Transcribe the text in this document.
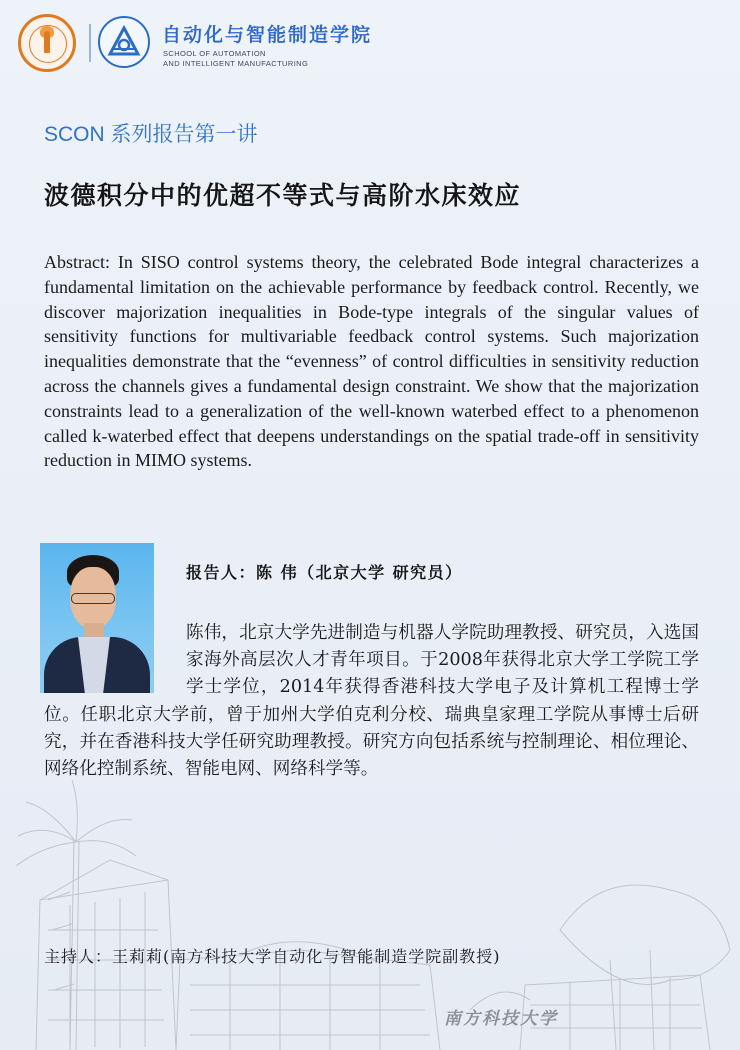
自动化与智能制造学院
SCHOOL OF AUTOMATION
AND INTELLIGENT MANUFACTURING
SCON 系列报告第一讲
波德积分中的优超不等式与高阶水床效应
Abstract: In SISO control systems theory, the celebrated Bode integral characterizes a fundamental limitation on the achievable performance by feedback control. Recently, we discover majorization inequalities in Bode-type integrals of the singular values of sensitivity functions for multivariable feedback control systems. Such majorization inequalities demonstrate that the “evenness” of control difficulties in sensitivity reduction across the channels gives a fundamental design constraint. We show that the majorization constraints lead to a generalization of the well-known waterbed effect to a phenomenon called k-waterbed effect that deepens understandings on the spatial trade-off in sensitivity reduction in MIMO systems.
报告人：陈 伟（北京大学 研究员）
陈伟，北京大学先进制造与机器人学院助理教授、研究员，入选国家海外高层次人才青年项目。于2008年获得北京大学工学院工学学士学位，2014年获得香港科技大学电子及计算机工程博士学位。任职北京大学前，曾于加州大学伯克利分校、瑞典皇家理工学院从事博士后研究，并在香港科技大学任研究助理教授。研究方向包括系统与控制理论、相位理论、网络化控制系统、智能电网、网络科学等。
主持人：王莉莉(南方科技大学自动化与智能制造学院副教授)
南方科技大学
